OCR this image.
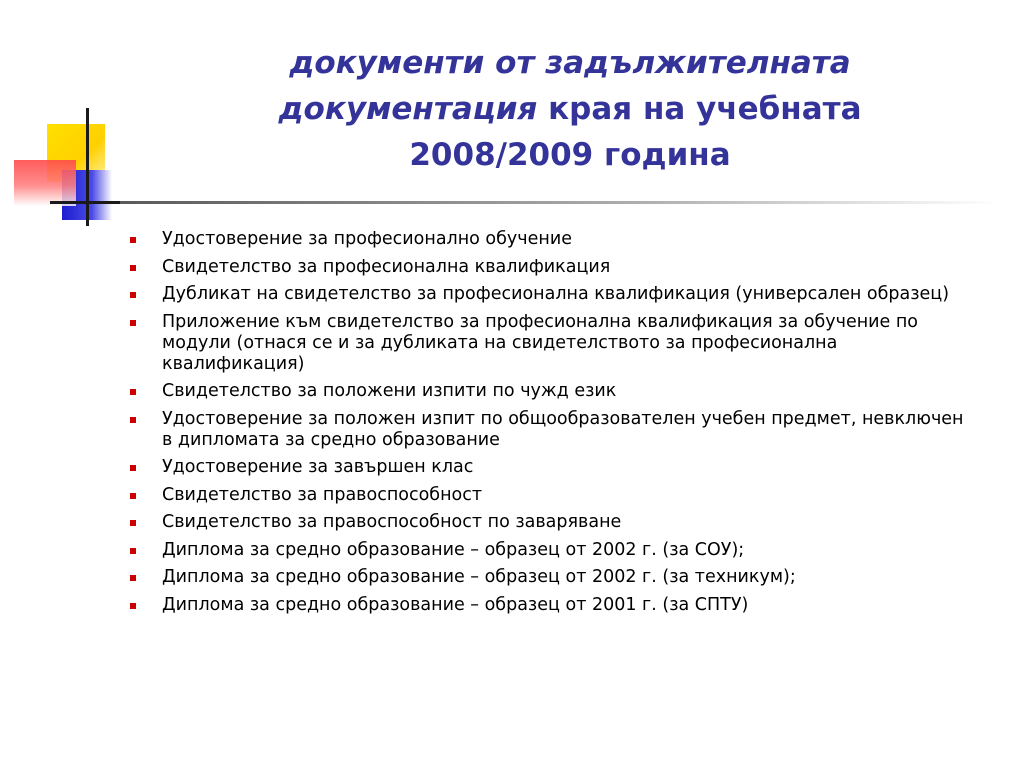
документи от задължителната
документация края на учебната
2008/2009 година
Удостоверение за професионално обучение
Свидетелство за професионална квалификация
Дубликат на свидетелство за професионална квалификация (универсален образец)
Приложение към свидетелство за професионална квалификация за обучение по модули (отнася се и за дубликата на свидетелството за професионална квалификация)
Свидетелство за положени изпити по чужд език
Удостоверение за положен изпит по общообразователен учебен предмет, невключен в дипломата за средно образование
Удостоверение за завършен клас
Свидетелство за правоспособност
Свидетелство за правоспособност по заваряване
Диплома за средно образование – образец от 2002 г. (за СОУ);
Диплома за средно образование – образец от 2002 г. (за техникум);
Диплома за средно образование – образец от 2001 г. (за СПТУ)
